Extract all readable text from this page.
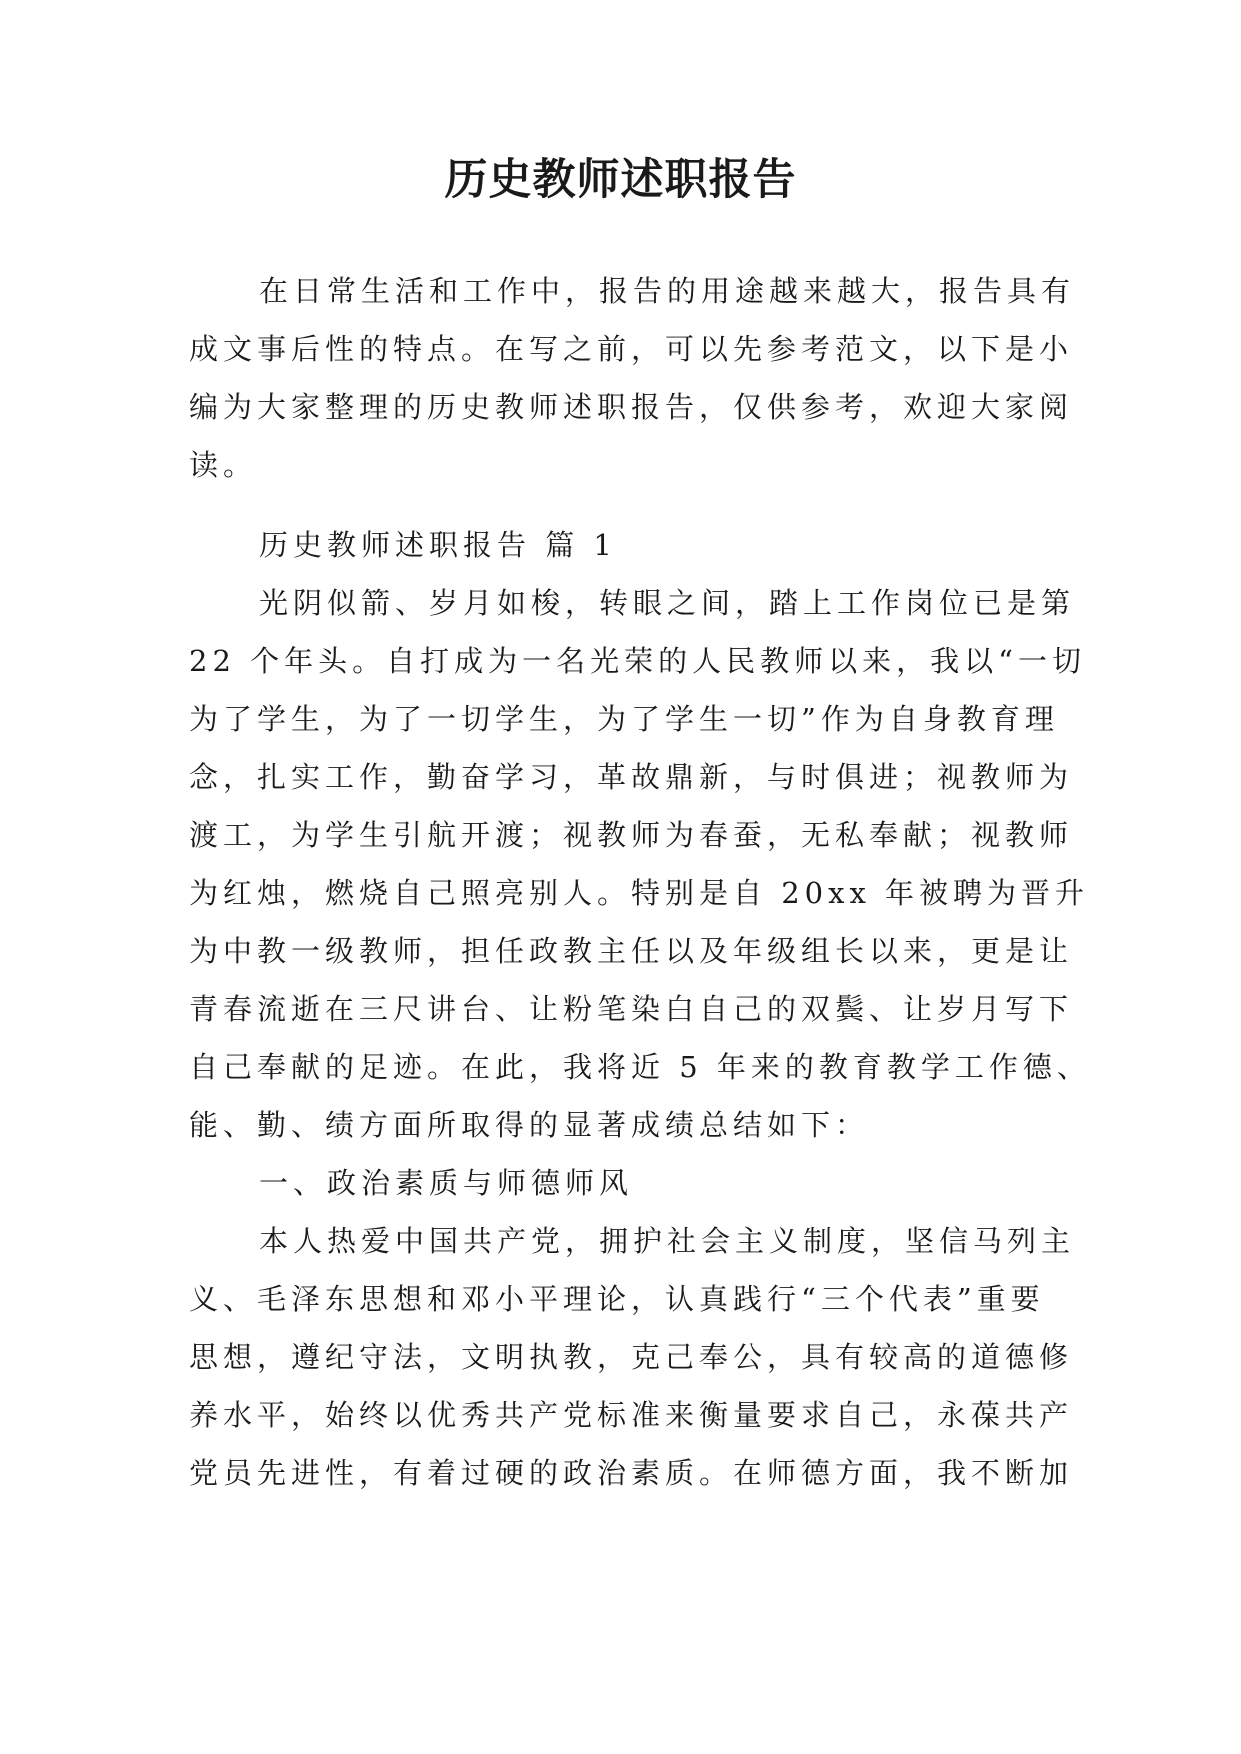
历史教师述职报告
在日常生活和工作中，报告的用途越来越大，报告具有
成文事后性的特点。在写之前，可以先参考范文，以下是小
编为大家整理的历史教师述职报告，仅供参考，欢迎大家阅
读。
历史教师述职报告 篇 1
光阴似箭、岁月如梭，转眼之间，踏上工作岗位已是第
22 个年头。自打成为一名光荣的人民教师以来，我以“一切
为了学生，为了一切学生，为了学生一切”作为自身教育理
念，扎实工作，勤奋学习，革故鼎新，与时俱进；视教师为
渡工，为学生引航开渡；视教师为春蚕，无私奉献；视教师
为红烛，燃烧自己照亮别人。特别是自 20xx 年被聘为晋升
为中教一级教师，担任政教主任以及年级组长以来，更是让
青春流逝在三尺讲台、让粉笔染白自己的双鬓、让岁月写下
自己奉献的足迹。在此，我将近 5 年来的教育教学工作德、
能、勤、绩方面所取得的显著成绩总结如下：
一、政治素质与师德师风
本人热爱中国共产党，拥护社会主义制度，坚信马列主
义、毛泽东思想和邓小平理论，认真践行“三个代表”重要
思想，遵纪守法，文明执教，克己奉公，具有较高的道德修
养水平，始终以优秀共产党标准来衡量要求自己，永葆共产
党员先进性，有着过硬的政治素质。在师德方面，我不断加
